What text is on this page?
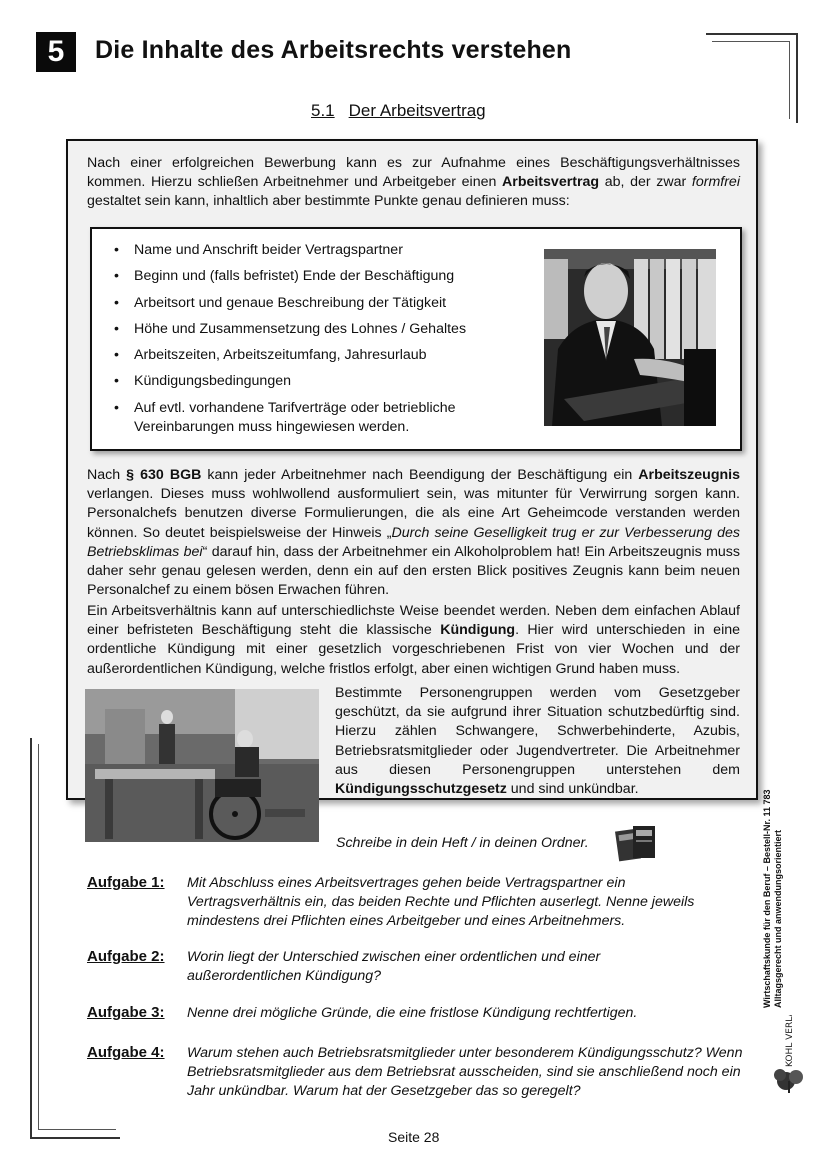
5	Die Inhalte des Arbeitsrechts verstehen
5.1 Der Arbeitsvertrag
Nach einer erfolgreichen Bewerbung kann es zur Aufnahme eines Beschäftigungsverhältnisses kommen. Hierzu schließen Arbeitnehmer und Arbeitgeber einen Arbeitsvertrag ab, der zwar formfrei gestaltet sein kann, inhaltlich aber bestimmte Punkte genau definieren muss:
• Name und Anschrift beider Vertragspartner
• Beginn und (falls befristet) Ende der Beschäftigung
• Arbeitsort und genaue Beschreibung der Tätigkeit
• Höhe und Zusammensetzung des Lohnes / Gehaltes
• Arbeitszeiten, Arbeitszeitumfang, Jahresurlaub
• Kündigungsbedingungen
• Auf evtl. vorhandene Tarifverträge oder betriebliche Vereinbarungen muss hingewiesen werden.
Nach § 630 BGB kann jeder Arbeitnehmer nach Beendigung der Beschäftigung ein Arbeitszeugnis verlangen. Dieses muss wohlwollend ausformuliert sein, was mitunter für Verwirrung sorgen kann. Personalchefs benutzen diverse Formulierungen, die als eine Art Geheimcode verstanden werden können. So deutet beispielsweise der Hinweis „Durch seine Geselligkeit trug er zur Verbesserung des Betriebsklimas bei“ darauf hin, dass der Arbeitnehmer ein Alkoholproblem hat! Ein Arbeitszeugnis muss daher sehr genau gelesen werden, denn ein auf den ersten Blick positives Zeugnis kann beim neuen Personalchef zu einem bösen Erwachen führen.
Ein Arbeitsverhältnis kann auf unterschiedlichste Weise beendet werden. Neben dem einfachen Ablauf einer befristeten Beschäftigung steht die klassische Kündigung. Hier wird unterschieden in eine ordentliche Kündigung mit einer gesetzlich vorgeschriebenen Frist von vier Wochen und der außerordentlichen Kündigung, welche fristlos erfolgt, aber einen wichtigen Grund haben muss.
Bestimmte Personengruppen werden vom Gesetzgeber geschützt, da sie aufgrund ihrer Situation schutzbedürftig sind. Hierzu zählen Schwangere, Schwerbehinderte, Azubis, Betriebsratsmitglieder oder Jugendvertreter. Die Arbeitnehmer aus diesen Personengruppen unterstehen dem Kündigungsschutzgesetz und sind unkündbar.
Schreibe in dein Heft / in deinen Ordner.
Aufgabe 1: Mit Abschluss eines Arbeitsvertrages gehen beide Vertragspartner ein Vertragsverhältnis ein, das beiden Rechte und Pflichten auserlegt. Nenne jeweils mindestens drei Pflichten eines Arbeitgeber und eines Arbeitnehmers.
Aufgabe 2: Worin liegt der Unterschied zwischen einer ordentlichen und einer außerordentlichen Kündigung?
Aufgabe 3: Nenne drei mögliche Gründe, die eine fristlose Kündigung rechtfertigen.
Aufgabe 4: Warum stehen auch Betriebsratsmitglieder unter besonderem Kündigungsschutz? Wenn Betriebsratsmitglieder aus dem Betriebsrat ausscheiden, sind sie anschließend noch ein Jahr unkündbar. Warum hat der Gesetzgeber das so geregelt?
Wirtschaftskunde für den Beruf – Bestell-Nr. 11 783 Alltagsgerecht und anwendungsorientiert
KOHL VERLAG
Seite 28
